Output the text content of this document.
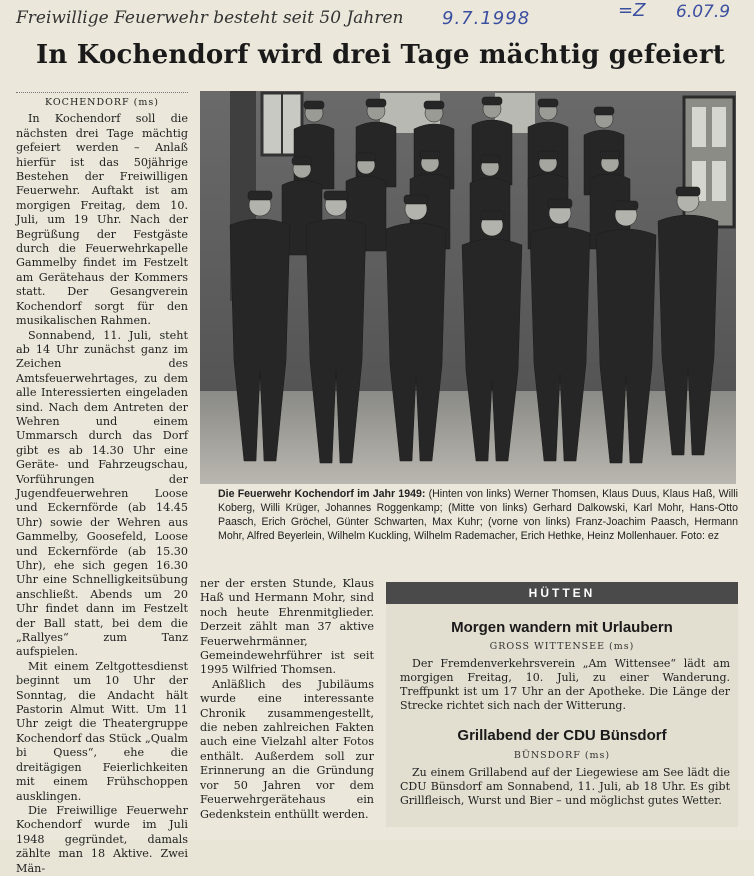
Freiwillige Feuerwehr besteht seit 50 Jahren 9.7.1998	=Z 6.07.9
In Kochendorf wird drei Tage mächtig gefeiert

KOCHENDORF (ms)

In Kochendorf soll die nächsten drei Tage mächtig gefeiert werden – Anlaß hierfür ist das 50jährige Bestehen der Freiwilligen Feuerwehr. Auftakt ist am morgigen Freitag, dem 10. Juli, um 19 Uhr. Nach der Begrüßung der Festgäste durch die Feuerwehrkapelle Gammelby findet im Festzelt am Gerätehaus der Kommers statt. Der Gesangverein Kochendorf sorgt für den musikalischen Rahmen.

Sonnabend, 11. Juli, steht ab 14 Uhr zunächst ganz im Zeichen des Amtsfeuerwehrtages, zu dem alle Interessierten eingeladen sind. Nach dem Antreten der Wehren und einem Ummarsch durch das Dorf gibt es ab 14.30 Uhr eine Geräte- und Fahrzeugschau, Vorführungen der Jugendfeuerwehren Loose und Eckernförde (ab 14.45 Uhr) sowie der Wehren aus Gammelby, Goosefeld, Loose und Eckernförde (ab 15.30 Uhr), ehe sich gegen 16.30 Uhr eine Schnelligkeitsübung anschließt. Abends um 20 Uhr findet dann im Festzelt der Ball statt, bei dem die „Rallyes“ zum Tanz aufspielen.

Mit einem Zeltgottesdienst beginnt um 10 Uhr der Sonntag, die Andacht hält Pastorin Almut Witt. Um 11 Uhr zeigt die Theatergruppe Kochendorf das Stück „Qualm bi Quess“, ehe die dreitägigen Feierlichkeiten mit einem Frühschoppen ausklingen.

Die Freiwillige Feuerwehr Kochendorf wurde im Juli 1948 gegründet, damals zählte man 18 Aktive. Zwei Män-

Die Feuerwehr Kochendorf im Jahr 1949: (Hinten von links) Werner Thomsen, Klaus Duus, Klaus Haß, Willi Koberg, Willi Krüger, Johannes Roggenkamp; (Mitte von links) Gerhard Dalkowski, Karl Mohr, Hans-Otto Paasch, Erich Gröchel, Günter Schwarten, Max Kuhr; (vorne von links) Franz-Joachim Paasch, Hermann Mohr, Alfred Beyerlein, Wilhelm Kuckling, Wilhelm Rademacher, Erich Hethke, Heinz Mollenhauer. Foto: ez

ner der ersten Stunde, Klaus Haß und Hermann Mohr, sind noch heute Ehrenmitglieder. Derzeit zählt man 37 aktive Feuerwehrmänner, Gemeindewehrführer ist seit 1995 Wilfried Thomsen.

Anläßlich des Jubiläums wurde eine interessante Chronik zusammengestellt, die neben zahlreichen Fakten auch eine Vielzahl alter Fotos enthält. Außerdem soll zur Erinnerung an die Gründung vor 50 Jahren vor dem Feuerwehrgerätehaus ein Gedenkstein enthüllt werden.

HÜTTEN
Morgen wandern mit Urlaubern
GROSS WITTENSEE (ms)

Der Fremdenverkehrsverein „Am Wittensee“ lädt am morgigen Freitag, 10. Juli, zu einer Wanderung. Treffpunkt ist um 17 Uhr an der Apotheke. Die Länge der Strecke richtet sich nach der Witterung.

Grillabend der CDU Bünsdorf
BÜNSDORF (ms)

Zu einem Grillabend auf der Liegewiese am See lädt die CDU Bünsdorf am Sonnabend, 11. Juli, ab 18 Uhr. Es gibt Grillfleisch, Wurst und Bier – und möglichst gutes Wetter.
